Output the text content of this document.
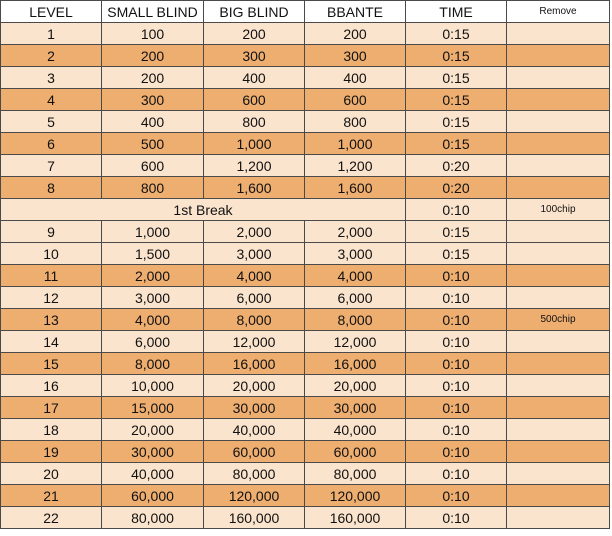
LEVEL	SMALL BLIND	BIG BLIND	BBANTE	TIME	Remove
1	100	200	200	0:15	
2	200	300	300	0:15	
3	200	400	400	0:15	
4	300	600	600	0:15	
5	400	800	800	0:15	
6	500	1,000	1,000	0:15	
7	600	1,200	1,200	0:20	
8	800	1,600	1,600	0:20	
1st Break				0:10	100chip
9	1,000	2,000	2,000	0:15	
10	1,500	3,000	3,000	0:15	
11	2,000	4,000	4,000	0:10	
12	3,000	6,000	6,000	0:10	
13	4,000	8,000	8,000	0:10	500chip
14	6,000	12,000	12,000	0:10	
15	8,000	16,000	16,000	0:10	
16	10,000	20,000	20,000	0:10	
17	15,000	30,000	30,000	0:10	
18	20,000	40,000	40,000	0:10	
19	30,000	60,000	60,000	0:10	
20	40,000	80,000	80,000	0:10	
21	60,000	120,000	120,000	0:10	
22	80,000	160,000	160,000	0:10	
